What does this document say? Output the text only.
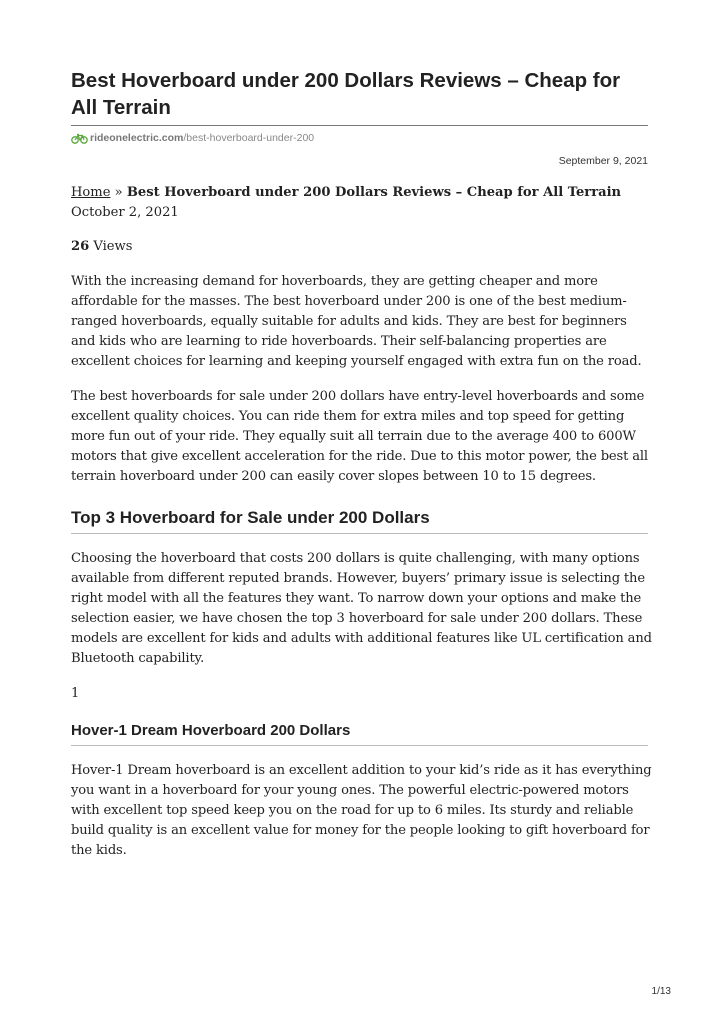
Best Hoverboard under 200 Dollars Reviews – Cheap for All Terrain
rideonelectric.com /best-hoverboard-under-200
September 9, 2021
Home » Best Hoverboard under 200 Dollars Reviews – Cheap for All Terrain
October 2, 2021
26 Views

With the increasing demand for hoverboards, they are getting cheaper and more affordable for the masses. The best hoverboard under 200 is one of the best medium-ranged hoverboards, equally suitable for adults and kids. They are best for beginners and kids who are learning to ride hoverboards. Their self-balancing properties are excellent choices for learning and keeping yourself engaged with extra fun on the road.

The best hoverboards for sale under 200 dollars have entry-level hoverboards and some excellent quality choices. You can ride them for extra miles and top speed for getting more fun out of your ride. They equally suit all terrain due to the average 400 to 600W motors that give excellent acceleration for the ride. Due to this motor power, the best all terrain hoverboard under 200 can easily cover slopes between 10 to 15 degrees.

Top 3 Hoverboard for Sale under 200 Dollars

Choosing the hoverboard that costs 200 dollars is quite challenging, with many options available from different reputed brands. However, buyers’ primary issue is selecting the right model with all the features they want. To narrow down your options and make the selection easier, we have chosen the top 3 hoverboard for sale under 200 dollars. These models are excellent for kids and adults with additional features like UL certification and Bluetooth capability.

1
Hover-1 Dream Hoverboard 200 Dollars

Hover-1 Dream hoverboard is an excellent addition to your kid’s ride as it has everything you want in a hoverboard for your young ones. The powerful electric-powered motors with excellent top speed keep you on the road for up to 6 miles. Its sturdy and reliable build quality is an excellent value for money for the people looking to gift hoverboard for the kids.

1/13
